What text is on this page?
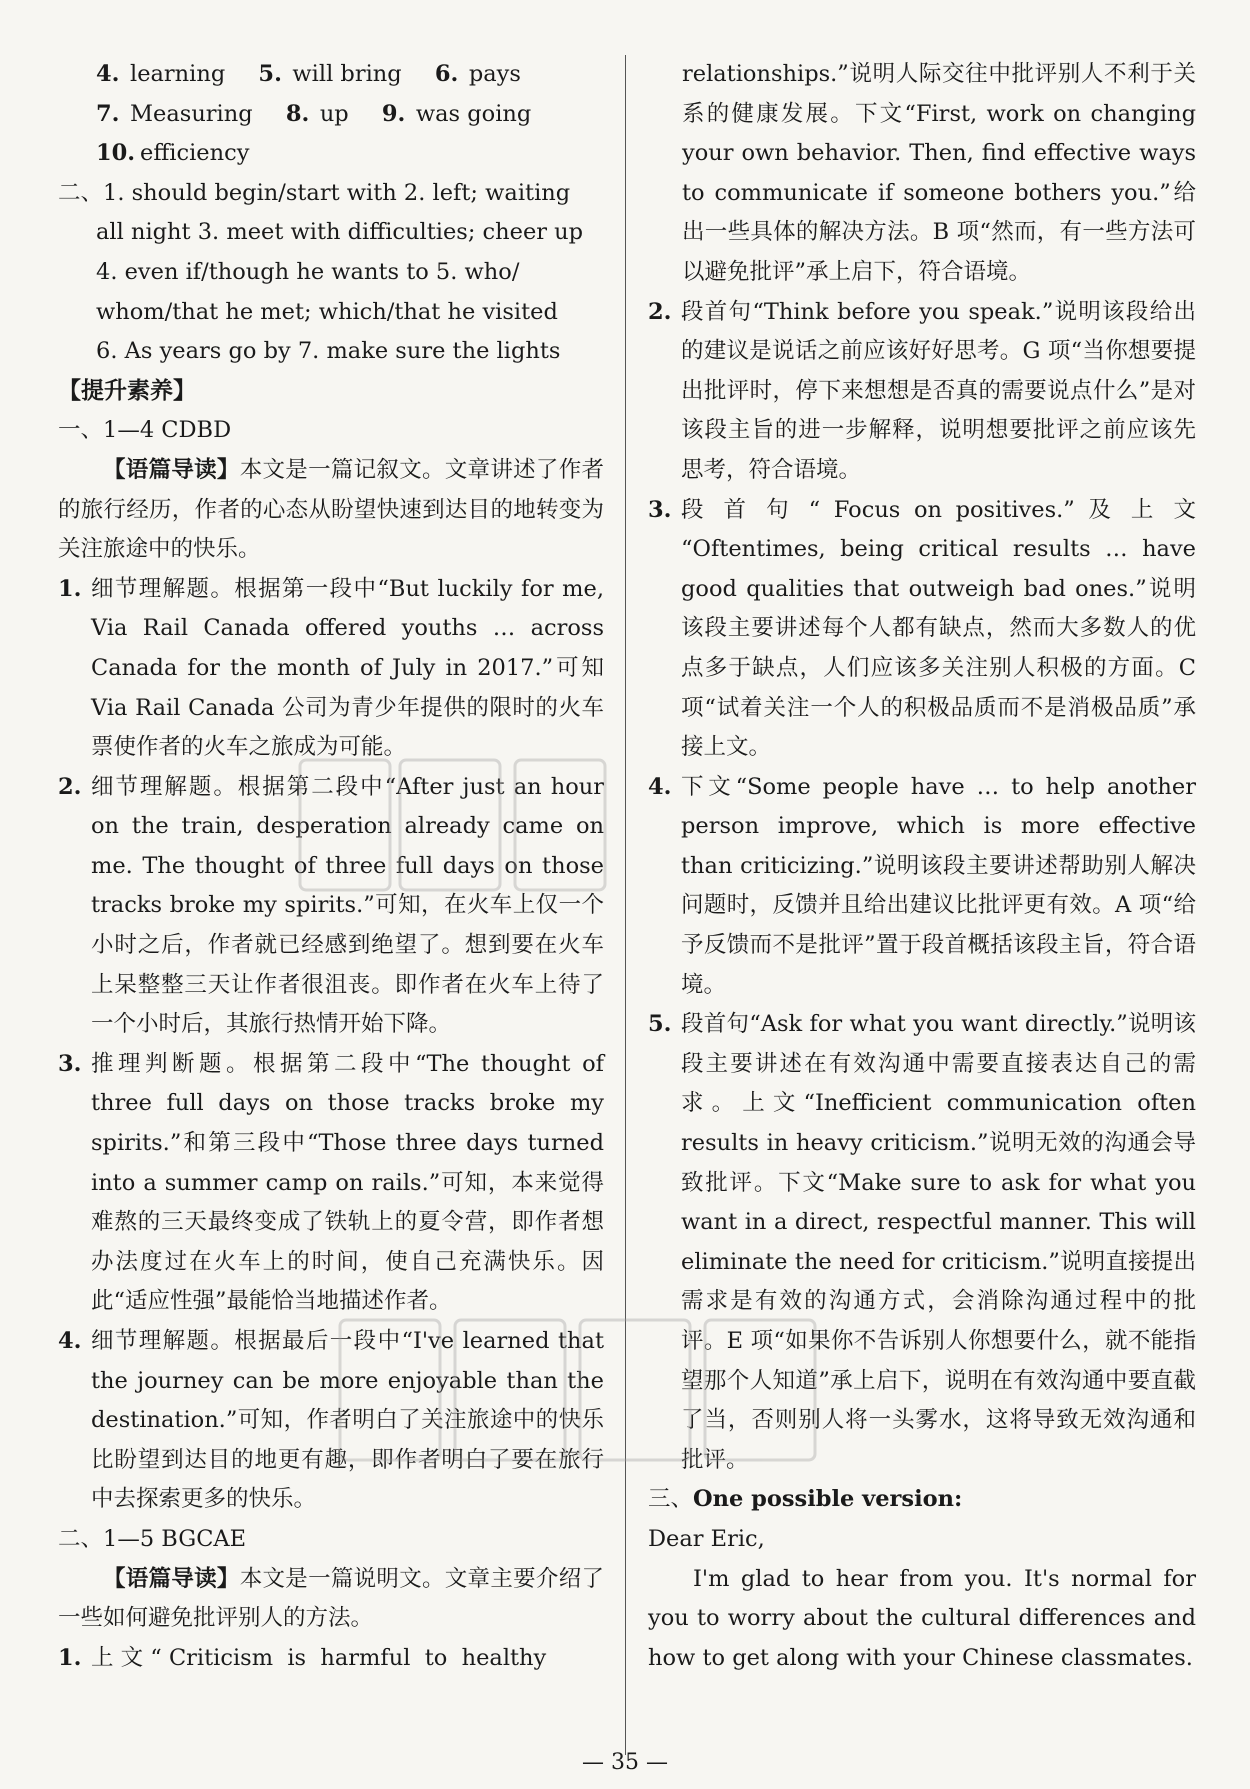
4. learning 5. will bring 6. pays
7. Measuring 8. up 9. was going
10. efficiency
二、1. should begin/start with 2. left; waiting
all night 3. meet with difficulties; cheer up
4. even if/though he wants to 5. who/
whom/that he met; which/that he visited
6. As years go by 7. make sure the lights
【提升素养】
一、1—4 CDBD
【语篇导读】本文是一篇记叙文。文章讲述了作者的旅行经历，作者的心态从盼望快速到达目的地转变为关注旅途中的快乐。
1. 细节理解题。根据第一段中“But luckily for me, Via Rail Canada offered youths … across Canada for the month of July in 2017.”可知 Via Rail Canada 公司为青少年提供的限时的火车票使作者的火车之旅成为可能。
2. 细节理解题。根据第二段中“After just an hour on the train, desperation already came on me. The thought of three full days on those tracks broke my spirits.”可知，在火车上仅一个小时之后，作者就已经感到绝望了。想到要在火车上呆整整三天让作者很沮丧。即作者在火车上待了一个小时后，其旅行热情开始下降。
3. 推理判断题。根据第二段中“The thought of three full days on those tracks broke my spirits.”和第三段中“Those three days turned into a summer camp on rails.”可知，本来觉得难熬的三天最终变成了铁轨上的夏令营，即作者想办法度过在火车上的时间，使自己充满快乐。因此“适应性强”最能恰当地描述作者。
4. 细节理解题。根据最后一段中“I've learned that the journey can be more enjoyable than the destination.”可知，作者明白了关注旅途中的快乐比盼望到达目的地更有趣，即作者明白了要在旅行中去探索更多的快乐。
二、1—5 BGCAE
【语篇导读】本文是一篇说明文。文章主要介绍了一些如何避免批评别人的方法。
1. 上 文 “ Criticism  is  harmful  to  healthy
relationships.”说明人际交往中批评别人不利于关系的健康发展。下文“First, work on changing your own behavior. Then, find effective ways to communicate if someone bothers you.”给出一些具体的解决方法。B 项“然而，有一些方法可以避免批评”承上启下，符合语境。
2. 段首句“Think before you speak.”说明该段给出的建议是说话之前应该好好思考。G 项“当你想要提出批评时，停下来想想是否真的需要说点什么”是对该段主旨的进一步解释，说明想要批评之前应该先思考，符合语境。
3. 段 首 句 “ Focus on positives.” 及 上 文 “Oftentimes, being critical results … have good qualities that outweigh bad ones.”说明该段主要讲述每个人都有缺点，然而大多数人的优点多于缺点，人们应该多关注别人积极的方面。C 项“试着关注一个人的积极品质而不是消极品质”承接上文。
4. 下文“Some people have … to help another person improve, which is more effective than criticizing.”说明该段主要讲述帮助别人解决问题时，反馈并且给出建议比批评更有效。A 项“给予反馈而不是批评”置于段首概括该段主旨，符合语境。
5. 段首句“Ask for what you want directly.”说明该段主要讲述在有效沟通中需要直接表达自己的需求。上文“Inefficient communication often results in heavy criticism.”说明无效的沟通会导致批评。下文“Make sure to ask for what you want in a direct, respectful manner. This will eliminate the need for criticism.”说明直接提出需求是有效的沟通方式，会消除沟通过程中的批评。E 项“如果你不告诉别人你想要什么，就不能指望那个人知道”承上启下，说明在有效沟通中要直截了当，否则别人将一头雾水，这将导致无效沟通和批评。
三、One possible version:
Dear Eric,
I'm glad to hear from you. It's normal for you to worry about the cultural differences and how to get along with your Chinese classmates.
— 35 —
